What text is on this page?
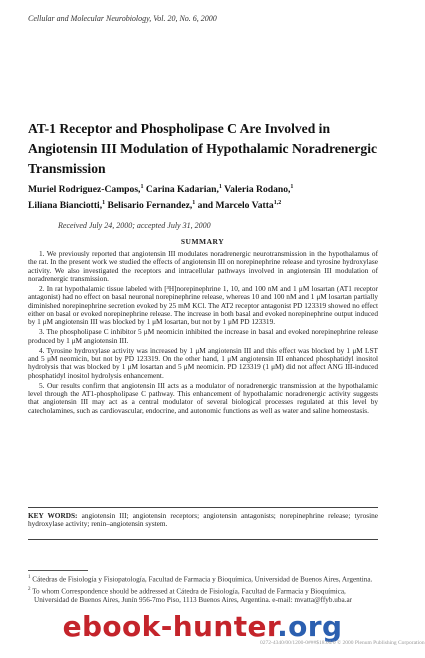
Cellular and Molecular Neurobiology, Vol. 20, No. 6, 2000
AT-1 Receptor and Phospholipase C Are Involved in Angiotensin III Modulation of Hypothalamic Noradrenergic Transmission
Muriel Rodriguez-Campos,$^1$ Carina Kadarian,$^1$ Valeria Rodano,$^1$
Liliana Bianciotti,$^1$ Belisario Fernandez,$^1$ and Marcelo Vatta$^{1,2}$
Received July 24, 2000; accepted July 31, 2000
SUMMARY

1. We previously reported that angiotensin III modulates noradrenergic neurotransmission in the hypothalamus of the rat. In the present work we studied the effects of angiotensin III on norepinephrine release and tyrosine hydroxylase activity. We also investigated the receptors and intracellular pathways involved in angiotensin III modulation of noradrenergic transmission.

2. In rat hypothalamic tissue labeled with [³H]norepinephrine 1, 10, and 100 nM and 1 μM losartan (AT1 receptor antagonist) had no effect on basal neuronal norepinephrine release, whereas 10 and 100 nM and 1 μM losartan partially diminished norepinephrine secretion evoked by 25 mM KCl. The AT2 receptor antagonist PD 123319 showed no effect either on basal or evoked norepinephrine release. The increase in both basal and evoked norepinephrine output induced by 1 μM angiotensin III was blocked by 1 μM losartan, but not by 1 μM PD 123319.

3. The phospholipase C inhibitor 5 μM neomicin inhibited the increase in basal and evoked norepinephrine release produced by 1 μM angiotensin III.

4. Tyrosine hydroxylase activity was increased by 1 μM angiotensin III and this effect was blocked by 1 μM LST and 5 μM neomicin, but not by PD 123319. On the other hand, 1 μM angiotensin III enhanced phosphatidyl inositol hydrolysis that was blocked by 1 μM losartan and 5 μM neomicin. PD 123319 (1 μM) did not affect ANG III-induced phosphatidyl inositol hydrolysis enhancement.

5. Our results confirm that angiotensin III acts as a modulator of noradrenergic transmission at the hypothalamic level through the AT1-phospholipase C pathway. This enhancement of hypothalamic noradrenergic activity suggests that angiotensin III may act as a central modulator of several biological processes regulated at this level by catecholamines, such as cardiovascular, endocrine, and autonomic functions as well as water and saline homeostasis.

KEY WORDS: angiotensin III; angiotensin receptors; angiotensin antagonists; norepinephrine release; tyrosine hydroxylase activity; renin–angiotensin system.
$^1$ Cátedras de Fisiología y Fisiopatología, Facultad de Farmacia y Bioquímica, Universidad de Buenos Aires, Argentina.
$^2$ To whom Correspondence should be addressed at Cátedra de Fisiología, Facultad de Farmacia y Bioquímica, Universidad de Buenos Aires, Junín 956-7mo Piso, 1113 Buenos Aires, Argentina. e-mail: mvatta@ffyb.uba.ar
ebook-hunter.org
0272-4340/00/1200-0###$18.00/0 © 2000 Plenum Publishing Corporation
